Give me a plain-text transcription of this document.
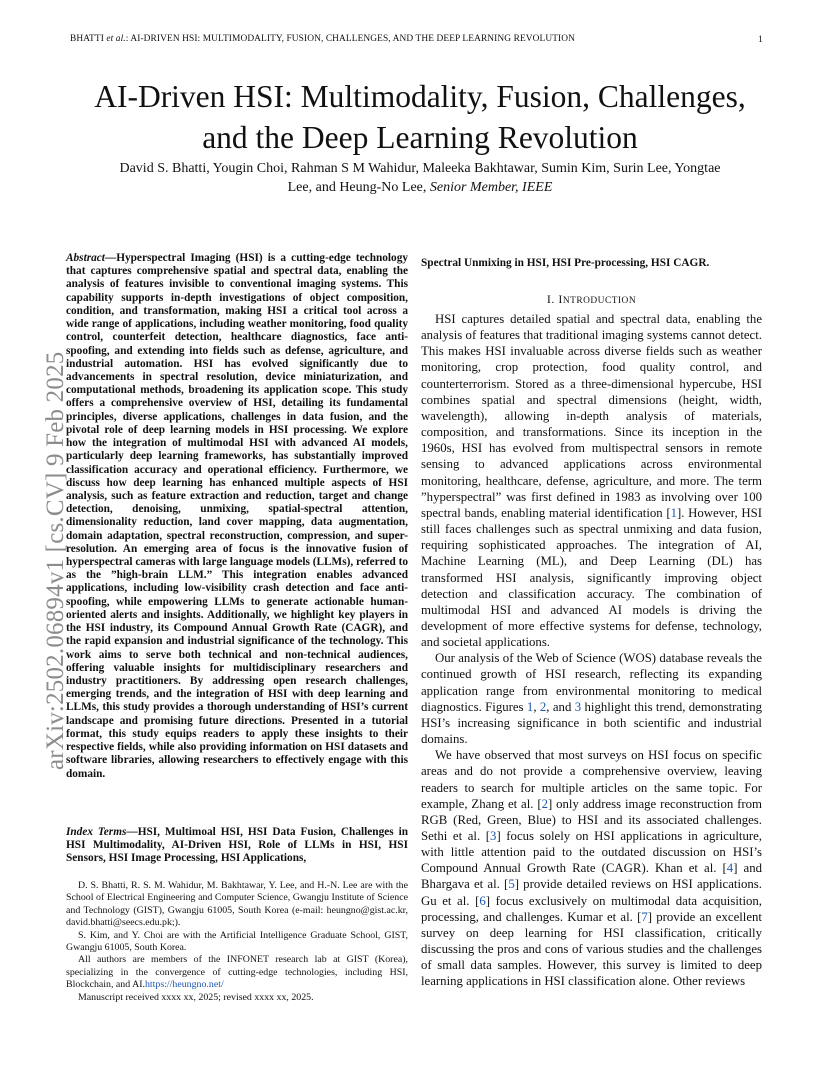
BHATTI et al.: AI-DRIVEN HSI: MULTIMODALITY, FUSION, CHALLENGES, AND THE DEEP LEARNING REVOLUTION	1
AI-Driven HSI: Multimodality, Fusion, Challenges,
and the Deep Learning Revolution
David S. Bhatti, Yougin Choi, Rahman S M Wahidur, Maleeka Bakhtawar, Sumin Kim, Surin Lee, Yongtae
Lee, and Heung-No Lee, Senior Member, IEEE
arXiv:2502.06894v1 [cs.CV] 9 Feb 2025
Abstract—Hyperspectral Imaging (HSI) is a cutting-edge technology that captures comprehensive spatial and spectral data, enabling the analysis of features invisible to conventional imaging systems. This capability supports in-depth investigations of object composition, condition, and transformation, making HSI a critical tool across a wide range of applications, including weather monitoring, food quality control, counterfeit detection, healthcare diagnostics, face anti-spoofing, and extending into fields such as defense, agriculture, and industrial automation. HSI has evolved significantly due to advancements in spectral resolution, device miniaturization, and computational methods, broadening its application scope. This study offers a comprehensive overview of HSI, detailing its fundamental principles, diverse applications, challenges in data fusion, and the pivotal role of deep learning models in HSI processing. We explore how the integration of multimodal HSI with advanced AI models, particularly deep learning frameworks, has substantially improved classification accuracy and operational efficiency. Furthermore, we discuss how deep learning has enhanced multiple aspects of HSI analysis, such as feature extraction and reduction, target and change detection, denoising, unmixing, spatial-spectral attention, dimensionality reduction, land cover mapping, data augmentation, domain adaptation, spectral reconstruction, compression, and super-resolution. An emerging area of focus is the innovative fusion of hyperspectral cameras with large language models (LLMs), referred to as the ”high-brain LLM.” This integration enables advanced applications, including low-visibility crash detection and face anti-spoofing, while empowering LLMs to generate actionable human-oriented alerts and insights. Additionally, we highlight key players in the HSI industry, its Compound Annual Growth Rate (CAGR), and the rapid expansion and industrial significance of the technology. This work aims to serve both technical and non-technical audiences, offering valuable insights for multidisciplinary researchers and industry practitioners. By addressing open research challenges, emerging trends, and the integration of HSI with deep learning and LLMs, this study provides a thorough understanding of HSI’s current landscape and promising future directions. Presented in a tutorial format, this study equips readers to apply these insights to their respective fields, while also providing information on HSI datasets and software libraries, allowing researchers to effectively engage with this domain.
Index Terms—HSI, Multimoal HSI, HSI Data Fusion, Challenges in HSI Multimodality, AI-Driven HSI, Role of LLMs in HSI, HSI Sensors, HSI Image Processing, HSI Applications,

D. S. Bhatti, R. S. M. Wahidur, M. Bakhtawar, Y. Lee, and H.-N. Lee are with the School of Electrical Engineering and Computer Science, Gwangju Institute of Science and Technology (GIST), Gwangju 61005, South Korea (e-mail: heungno@gist.ac.kr, david.bhatti@seecs.edu.pk;).

S. Kim, and Y. Choi are with the Artificial Intelligence Graduate School, GIST, Gwangju 61005, South Korea.

All authors are members of the INFONET research lab at GIST (Korea), specializing in the convergence of cutting-edge technologies, including HSI, Blockchain, and AI.https://heungno.net/

Manuscript received xxxx xx, 2025; revised xxxx xx, 2025.

Spectral Unmixing in HSI, HSI Pre-processing, HSI CAGR.
I. INTRODUCTION

HSI captures detailed spatial and spectral data, enabling the analysis of features that traditional imaging systems cannot detect. This makes HSI invaluable across diverse fields such as weather monitoring, crop protection, food quality control, and counterterrorism. Stored as a three-dimensional hypercube, HSI combines spatial and spectral dimensions (height, width, wavelength), allowing in-depth analysis of materials, composition, and transformations. Since its inception in the 1960s, HSI has evolved from multispectral sensors in remote sensing to advanced applications across environmental monitoring, healthcare, defense, agriculture, and more. The term ”hyperspectral” was first defined in 1983 as involving over 100 spectral bands, enabling material identification [1]. However, HSI still faces challenges such as spectral unmixing and data fusion, requiring sophisticated approaches. The integration of AI, Machine Learning (ML), and Deep Learning (DL) has transformed HSI analysis, significantly improving object detection and classification accuracy. The combination of multimodal HSI and advanced AI models is driving the development of more effective systems for defense, technology, and societal applications.

Our analysis of the Web of Science (WOS) database reveals the continued growth of HSI research, reflecting its expanding application range from environmental monitoring to medical diagnostics. Figures 1, 2, and 3 highlight this trend, demonstrating HSI’s increasing significance in both scientific and industrial domains.

We have observed that most surveys on HSI focus on specific areas and do not provide a comprehensive overview, leaving readers to search for multiple articles on the same topic. For example, Zhang et al. [2] only address image reconstruction from RGB (Red, Green, Blue) to HSI and its associated challenges. Sethi et al. [3] focus solely on HSI applications in agriculture, with little attention paid to the outdated discussion on HSI’s Compound Annual Growth Rate (CAGR). Khan et al. [4] and Bhargava et al. [5] provide detailed reviews on HSI applications. Gu et al. [6] focus exclusively on multimodal data acquisition, processing, and challenges. Kumar et al. [7] provide an excellent survey on deep learning for HSI classification, critically discussing the pros and cons of various studies and the challenges of small data samples. However, this survey is limited to deep learning applications in HSI classification alone. Other reviews
